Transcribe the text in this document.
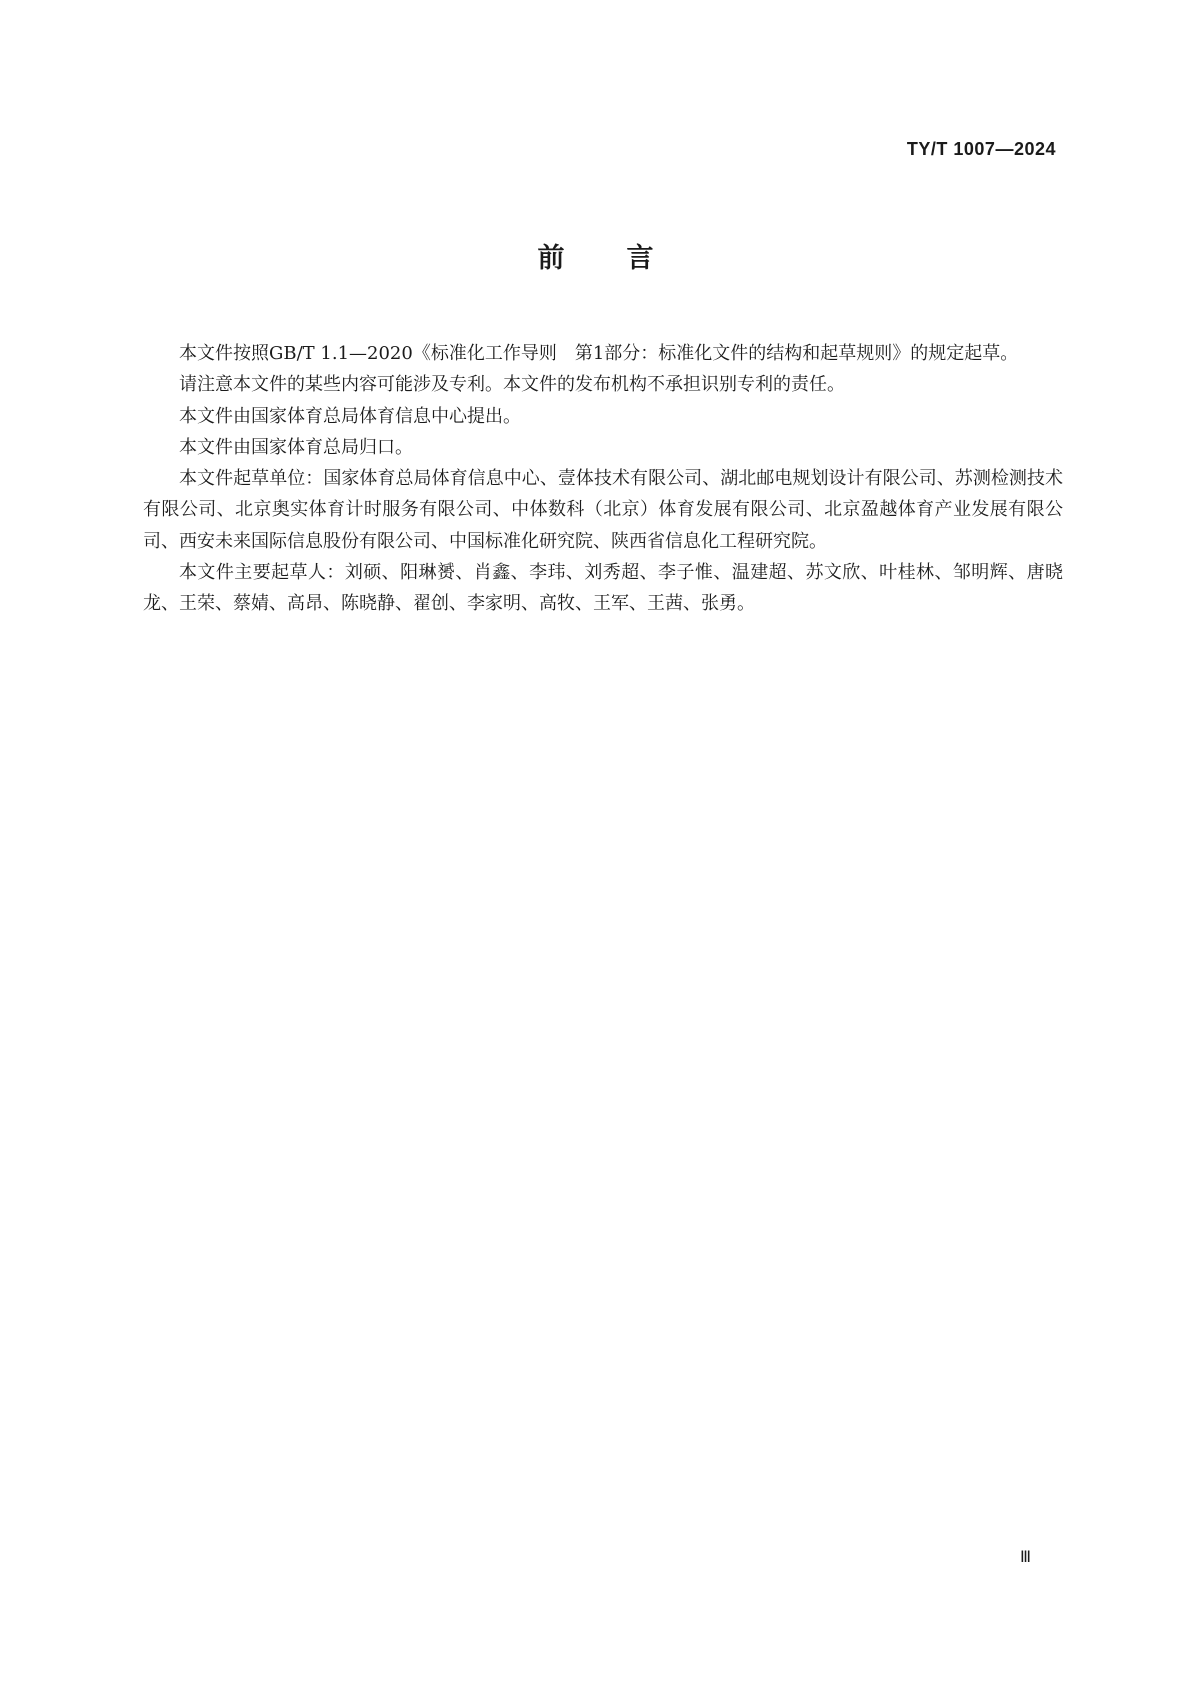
TY/T 1007—2024
前言

本文件按照GB/T 1.1—2020《标准化工作导则　第1部分：标准化文件的结构和起草规则》的规定起草。

请注意本文件的某些内容可能涉及专利。本文件的发布机构不承担识别专利的责任。

本文件由国家体育总局体育信息中心提出。

本文件由国家体育总局归口。

本文件起草单位：国家体育总局体育信息中心、壹体技术有限公司、湖北邮电规划设计有限公司、苏测检测技术有限公司、北京奥实体育计时服务有限公司、中体数科（北京）体育发展有限公司、北京盈越体育产业发展有限公司、西安未来国际信息股份有限公司、中国标准化研究院、陕西省信息化工程研究院。

本文件主要起草人：刘硕、阳琳赟、肖鑫、李玮、刘秀超、李子惟、温建超、苏文欣、叶桂林、邹明辉、唐晓龙、王荣、蔡婧、高昂、陈晓静、翟创、李家明、高牧、王军、王茜、张勇。

Ⅲ
